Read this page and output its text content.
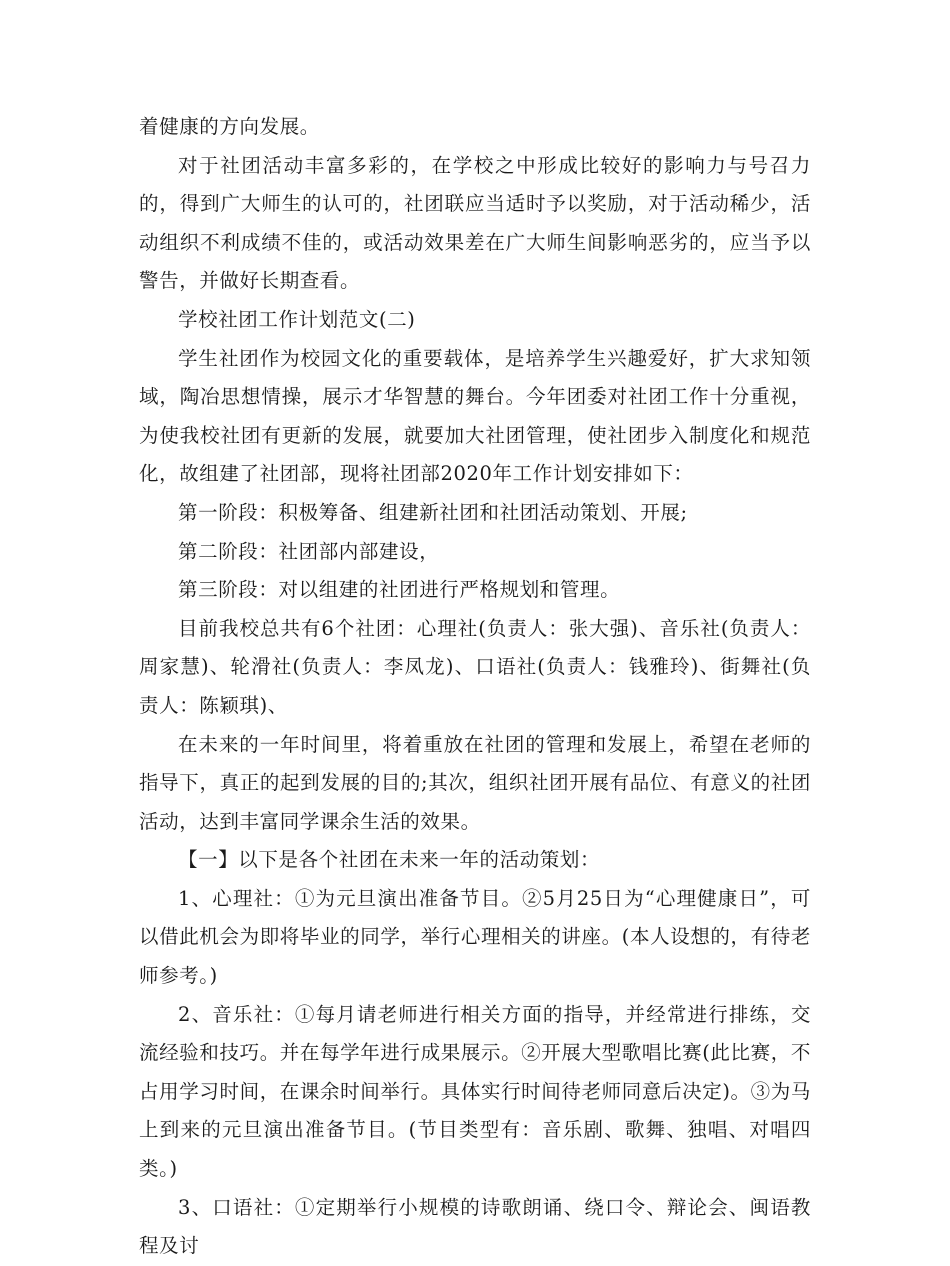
着健康的方向发展。

对于社团活动丰富多彩的，在学校之中形成比较好的影响力与号召力的，得到广大师生的认可的，社团联应当适时予以奖励，对于活动稀少，活动组织不利成绩不佳的，或活动效果差在广大师生间影响恶劣的，应当予以警告，并做好长期查看。

学校社团工作计划范文(二)

学生社团作为校园文化的重要载体，是培养学生兴趣爱好，扩大求知领域，陶冶思想情操，展示才华智慧的舞台。今年团委对社团工作十分重视，为使我校社团有更新的发展，就要加大社团管理，使社团步入制度化和规范化，故组建了社团部，现将社团部2020年工作计划安排如下：

第一阶段：积极筹备、组建新社团和社团活动策划、开展;

第二阶段：社团部内部建设，

第三阶段：对以组建的社团进行严格规划和管理。

目前我校总共有6个社团：心理社(负责人：张大强)、音乐社(负责人：周家慧)、轮滑社(负责人：李凤龙)、口语社(负责人：钱雅玲)、街舞社(负责人：陈颖琪)、

在未来的一年时间里，将着重放在社团的管理和发展上，希望在老师的指导下，真正的起到发展的目的;其次，组织社团开展有品位、有意义的社团活动，达到丰富同学课余生活的效果。

【一】以下是各个社团在未来一年的活动策划：

1、心理社：①为元旦演出准备节目。②5月25日为“心理健康日”，可以借此机会为即将毕业的同学，举行心理相关的讲座。(本人设想的，有待老师参考。)

2、音乐社：①每月请老师进行相关方面的指导，并经常进行排练，交流经验和技巧。并在每学年进行成果展示。②开展大型歌唱比赛(此比赛，不占用学习时间，在课余时间举行。具体实行时间待老师同意后决定)。③为马上到来的元旦演出准备节目。(节目类型有：音乐剧、歌舞、独唱、对唱四类。)

3、口语社：①定期举行小规模的诗歌朗诵、绕口令、辩论会、闽语教程及讨
